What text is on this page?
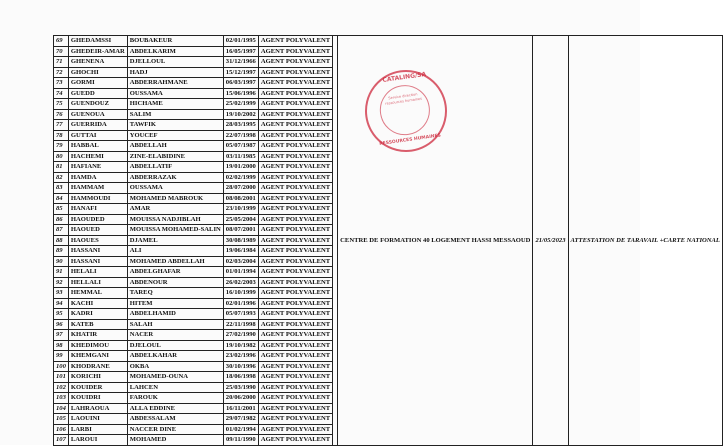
69	GHEDAMSSI	BOUBAKEUR	02/01/1995	AGENT POLYVALENT		CENTRE DE FORMATION 40 LOGEMENT HASSI MESSAOUD	21/05/2023	ATTESTATION DE TARAVAIL +CARTE NATIONAL
70	GHEDEIR-AMAR	ABDELKARIM	16/05/1997	AGENT POLYVALENT				
71	GHENENA	DJELLOUL	31/12/1966	AGENT POLYVALENT				
72	GHOCHI	HADJ	15/12/1997	AGENT POLYVALENT				
73	GORMI	ABDERRAHMANE	06/03/1997	AGENT POLYVALENT				
74	GUEDD	OUSSAMA	15/06/1996	AGENT POLYVALENT				
75	GUENDOUZ	HICHAME	25/02/1999	AGENT POLYVALENT				
76	GUENOUA	SALIM	19/10/2002	AGENT POLYVALENT				
77	GUERRIDA	TAWFIK	28/03/1995	AGENT POLYVALENT				
78	GUTTAI	YOUCEF	22/07/1998	AGENT POLYVALENT				
79	HABBAL	ABDELLAH	05/07/1987	AGENT POLYVALENT				
80	HACHEMI	ZINE-ELABIDINE	03/11/1985	AGENT POLYVALENT				
81	HAFIANE	ABDELLATIF	19/01/2000	AGENT POLYVALENT				
82	HAMDA	ABDERRAZAK	02/02/1999	AGENT POLYVALENT				
83	HAMMAM	OUSSAMA	28/07/2000	AGENT POLYVALENT				
84	HAMMOUDI	MOHAMED MABROUK	08/08/2001	AGENT POLYVALENT				
85	HANAFI	AMAR	23/10/1999	AGENT POLYVALENT				
86	HAOUDED	MOUISSA NADJIBLAH	25/05/2004	AGENT POLYVALENT				
87	HAOUED	MOUISSA MOHAMED-SALIN	08/07/2001	AGENT POLYVALENT				
88	HAOUES	DJAMEL	30/08/1989	AGENT POLYVALENT				
89	HASSANI	ALI	19/06/1984	AGENT POLYVALENT				
90	HASSANI	MOHAMED ABDELLAH	02/03/2004	AGENT POLYVALENT				
91	HELALI	ABDELGHAFAR	01/01/1994	AGENT POLYVALENT				
92	HELLALI	ABDENOUR	26/02/2003	AGENT POLYVALENT				
93	HEMMAL	TAREQ	16/10/1999	AGENT POLYVALENT				
94	KACHI	HITEM	02/01/1996	AGENT POLYVALENT				
95	KADRI	ABDELHAMID	05/07/1993	AGENT POLYVALENT				
96	KATEB	SALAH	22/11/1998	AGENT POLYVALENT				
97	KHATIR	NACER	27/02/1990	AGENT POLYVALENT				
98	KHEDIMOU	DJELOUL	19/10/1982	AGENT POLYVALENT				
99	KHEMGANI	ABDELKAHAR	23/02/1996	AGENT POLYVALENT				
100	KHODRANE	OKBA	30/10/1996	AGENT POLYVALENT				
101	KORICHI	MOHAMED-OUNA	18/06/1998	AGENT POLYVALENT				
102	KOUIDER	LAHCEN	25/03/1990	AGENT POLYVALENT				
103	KOUIDRI	FAROUK	20/06/2000	AGENT POLYVALENT				
104	LAHRAOUA	ALLA EDDINE	16/11/2001	AGENT POLYVALENT				
105	LAOUINI	ABDESSALAM	29/07/1982	AGENT POLYVALENT				
106	LARBI	NACCER DINE	01/02/1994	AGENT POLYVALENT				
107	LAROUI	MOHAMED	09/11/1990	AGENT POLYVALENT				
CATALING/SA
RESSOURCES HUMAINES
Service direction ressources humaines
